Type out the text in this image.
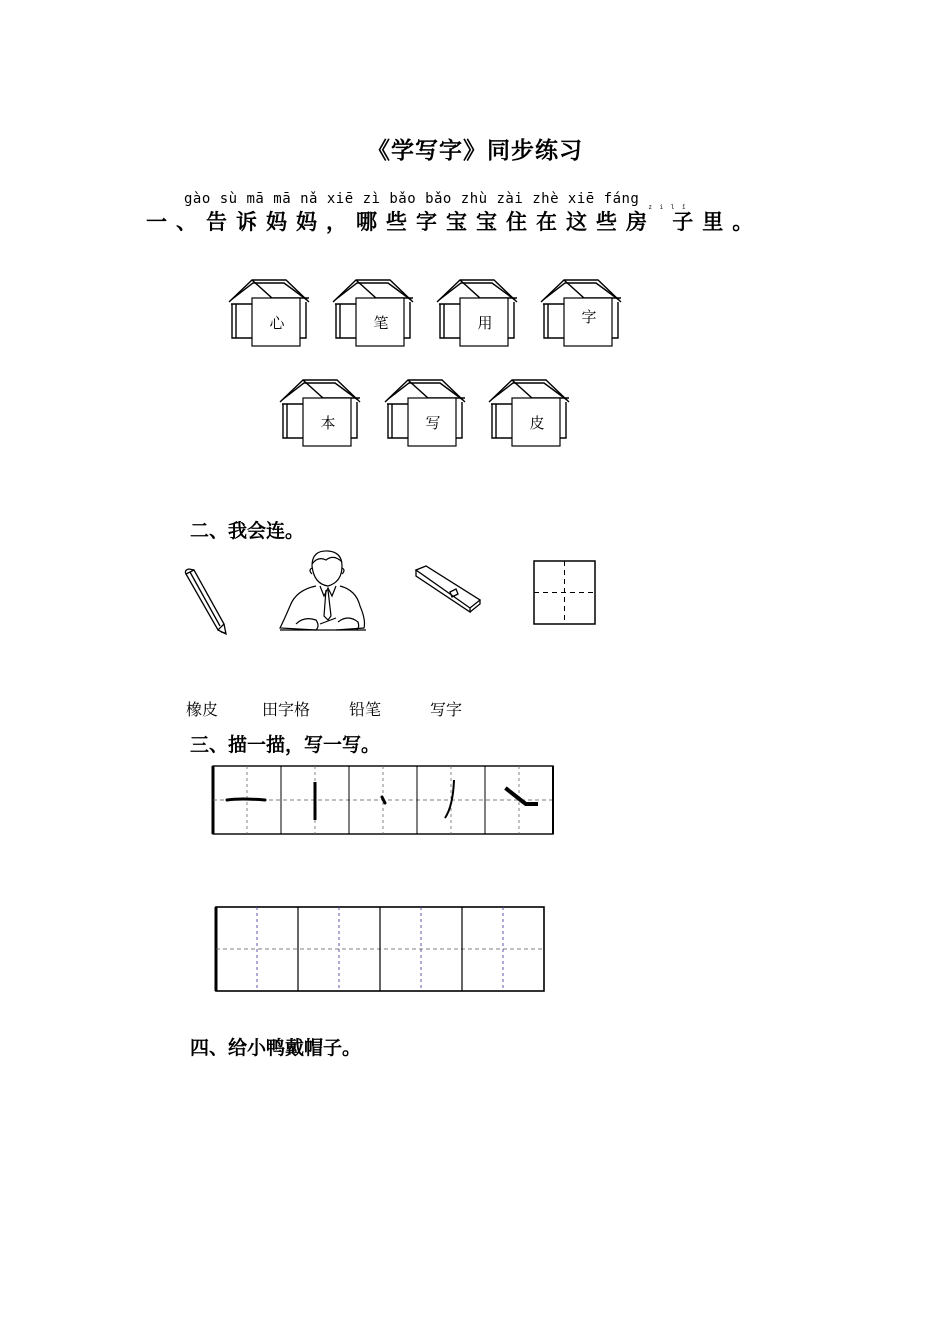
《学写字》同步练习
gào sù mā mā nǎ xiē zì bǎo bǎo zhù zài zhè xiē fáng $_{z i l ǐ}$
一、告诉妈妈，哪些字宝宝住在这些房 子里。
心	笔	用	字
本	写	皮
二、我会连。
橡皮	田字格 铅笔	写字
三、描一描，写一写。
四、给小鸭戴帽子。
